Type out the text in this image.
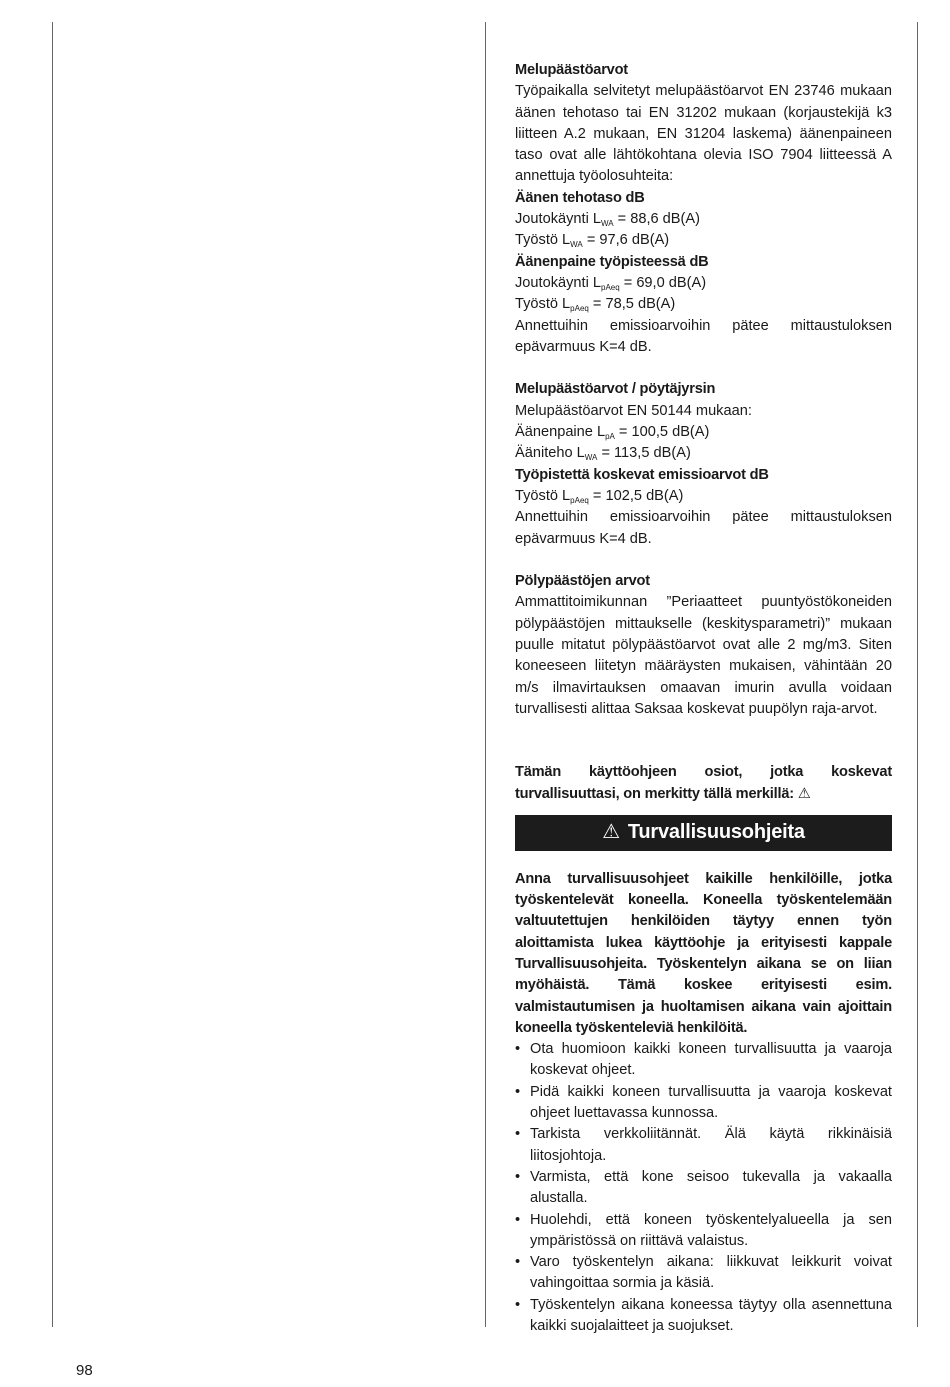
Melupäästöarvot

Työpaikalla selvitetyt melupäästöarvot EN 23746 mukaan äänen tehotaso tai EN 31202 mukaan (korjaustekijä k3 liitteen A.2 mukaan, EN 31204 laskema) äänenpaineen taso ovat alle lähtökohtana olevia ISO 7904 liitteessä A annettuja työolosuhteita:

Äänen tehotaso dB

Joutokäynti $L_{WA} = 88,6$ dB(A)

Työstö $L_{WA} = 97,6$ dB(A)

Äänenpaine työpisteessä dB

Joutokäynti $L_{pAeq} = 69,0$ dB(A)

Työstö $L_{pAeq} = 78,5$ dB(A)

Annettuihin emissioarvoihin pätee mittaustuloksen epävarmuus K=4 dB.

Melupäästöarvot / pöytäjyrsin

Melupäästöarvot EN 50144 mukaan:

Äänenpaine $L_{pA} = 100,5$ dB(A)

Ääniteho $L_{WA} = 113,5$ dB(A)

Työpistettä koskevat emissioarvot dB

Työstö $L_{pAeq} = 102,5$ dB(A)

Annettuihin emissioarvoihin pätee mittaustuloksen epävarmuus K=4 dB.

Pölypäästöjen arvot

Ammattitoimikunnan ”Periaatteet puuntyöstökoneiden pölypäästöjen mittaukselle (keskitysparametri)” mukaan puulle mitatut pölypäästöarvot ovat alle 2 mg/m3. Siten koneeseen liitetyn määräysten mukaisen, vähintään 20 m/s ilmavirtauksen omaavan imurin avulla voidaan turvallisesti alittaa Saksaa koskevat puupölyn raja-arvot.

Tämän käyttöohjeen osiot, jotka koskevat turvallisuuttasi, on merkitty tällä merkillä: ⚠

⚠ Turvallisuusohjeita

Anna turvallisuusohjeet kaikille henkilöille, jotka työskentelevät koneella. Koneella työskentelemään valtuutettujen henkilöiden täytyy ennen työn aloittamista lukea käyttöohje ja erityisesti kappale Turvallisuusohjeita. Työskentelyn aikana se on liian myöhäistä. Tämä koskee erityisesti esim. valmistautumisen ja huoltamisen aikana vain ajoittain koneella työskenteleviä henkilöitä.

• Ota huomioon kaikki koneen turvallisuutta ja vaaroja koskevat ohjeet.
• Pidä kaikki koneen turvallisuutta ja vaaroja koskevat ohjeet luettavassa kunnossa.
• Tarkista verkkoliitännät. Älä käytä rikkinäisiä liitosjohtoja.
• Varmista, että kone seisoo tukevalla ja vakaalla alustalla.
• Huolehdi, että koneen työskentelyalueella ja sen ympäristössä on riittävä valaistus.
• Varo työskentelyn aikana: liikkuvat leikkurit voivat vahingoittaa sormia ja käsiä.
• Työskentelyn aikana koneessa täytyy olla asennettuna kaikki suojalaitteet ja suojukset.
98
